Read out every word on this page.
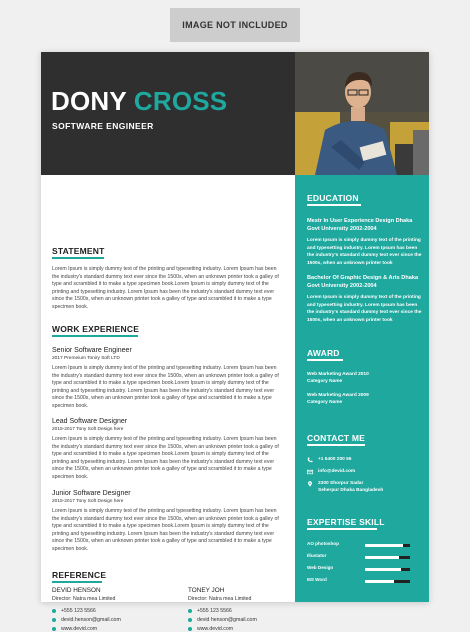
IMAGE NOT INCLUDED
DONY CROSS
SOFTWARE ENGINEER
STATEMENT
Lorem Ipsum is simply dummy text of the printing and typesetting industry. Lorem Ipsum has been the industry's standard dummy text ever since the 1500s, when an unknown printer took a galley of type and scrambled it to make a type specimen book.Lorem Ipsum is simply dummy text of the printing and typesetting industry. Lorem Ipsum has been the industry's standard dummy text ever since the 1500s, when an unknown printer took a galley of type and scrambled it to make a type specimen book.
WORK EXPERIENCE
Senior Software Engineer
2017 Premeium Toniry Soft LTD
Lorem Ipsum is simply dummy text of the printing and typesetting industry. Lorem Ipsum has been the industry's standard dummy text ever since the 1500s, when an unknown printer took a galley of type and scrambled it to make a type specimen book.Lorem Ipsum is simply dummy text of the printing and typesetting industry. Lorem Ipsum has been the industry's standard dummy text ever since the 1500s, when an unknown printer took a galley of type and scrambled it to make a type specimen book.
Lead Software Designer
2015-2017 Tony Soft Design here
Lorem Ipsum is simply dummy text of the printing and typesetting industry. Lorem Ipsum has been the industry's standard dummy text ever since the 1500s, when an unknown printer took a galley of type and scrambled it to make a type specimen book.Lorem Ipsum is simply dummy text of the printing and typesetting industry. Lorem Ipsum has been the industry's standard dummy text ever since the 1500s, when an unknown printer took a galley of type and scrambled it to make a type specimen book.
Junior Software Designer
2015-2017 Tony Soft Design here
Lorem Ipsum is simply dummy text of the printing and typesetting industry. Lorem Ipsum has been the industry's standard dummy text ever since the 1500s, when an unknown printer took a galley of type and scrambled it to make a type specimen book.Lorem Ipsum is simply dummy text of the printing and typesetting industry. Lorem Ipsum has been the industry's standard dummy text ever since the 1500s, when an unknown printer took a galley of type and scrambled it to make a type specimen book.
REFERENCE
DEVID HENSON
Director: Natra mea Limited
+555 123 5566
devid.henson@gmail.com
www.devid.com
TONEY JOH
Director: Natra mea Limited
+555 123 5566
devid henson@gmail.com
www.devid.com
EDUCATION
Mestr In User Experience Design Dhaka Govt University 2002-2004
Lorem Ipsum is simply dummy text of the printing and typesetting industry. Lorem Ipsum has been the industry's standard dummy text ever since the 1500s, when an unknown printer took
Bachelor Of Graphic Design & Arts Dhaka Govt University 2002-2004
Lorem Ipsum is simply dummy text of the printing and typesetting industry. Lorem Ipsum has been the industry's standard dummy text ever since the 1500s, when an unknown printer took
AWARD
Web Marketing Award 2010
Category Name
Web Marketing Award 2009
Category Name
CONTACT ME
+1 5400 200 55
info@devid.com
2300 Shorpur Sadar
Seherpur Dhaka Bangladesh
EXPERTISE SKILL
AO photoshop
Illustator
Web Design
MS Word
